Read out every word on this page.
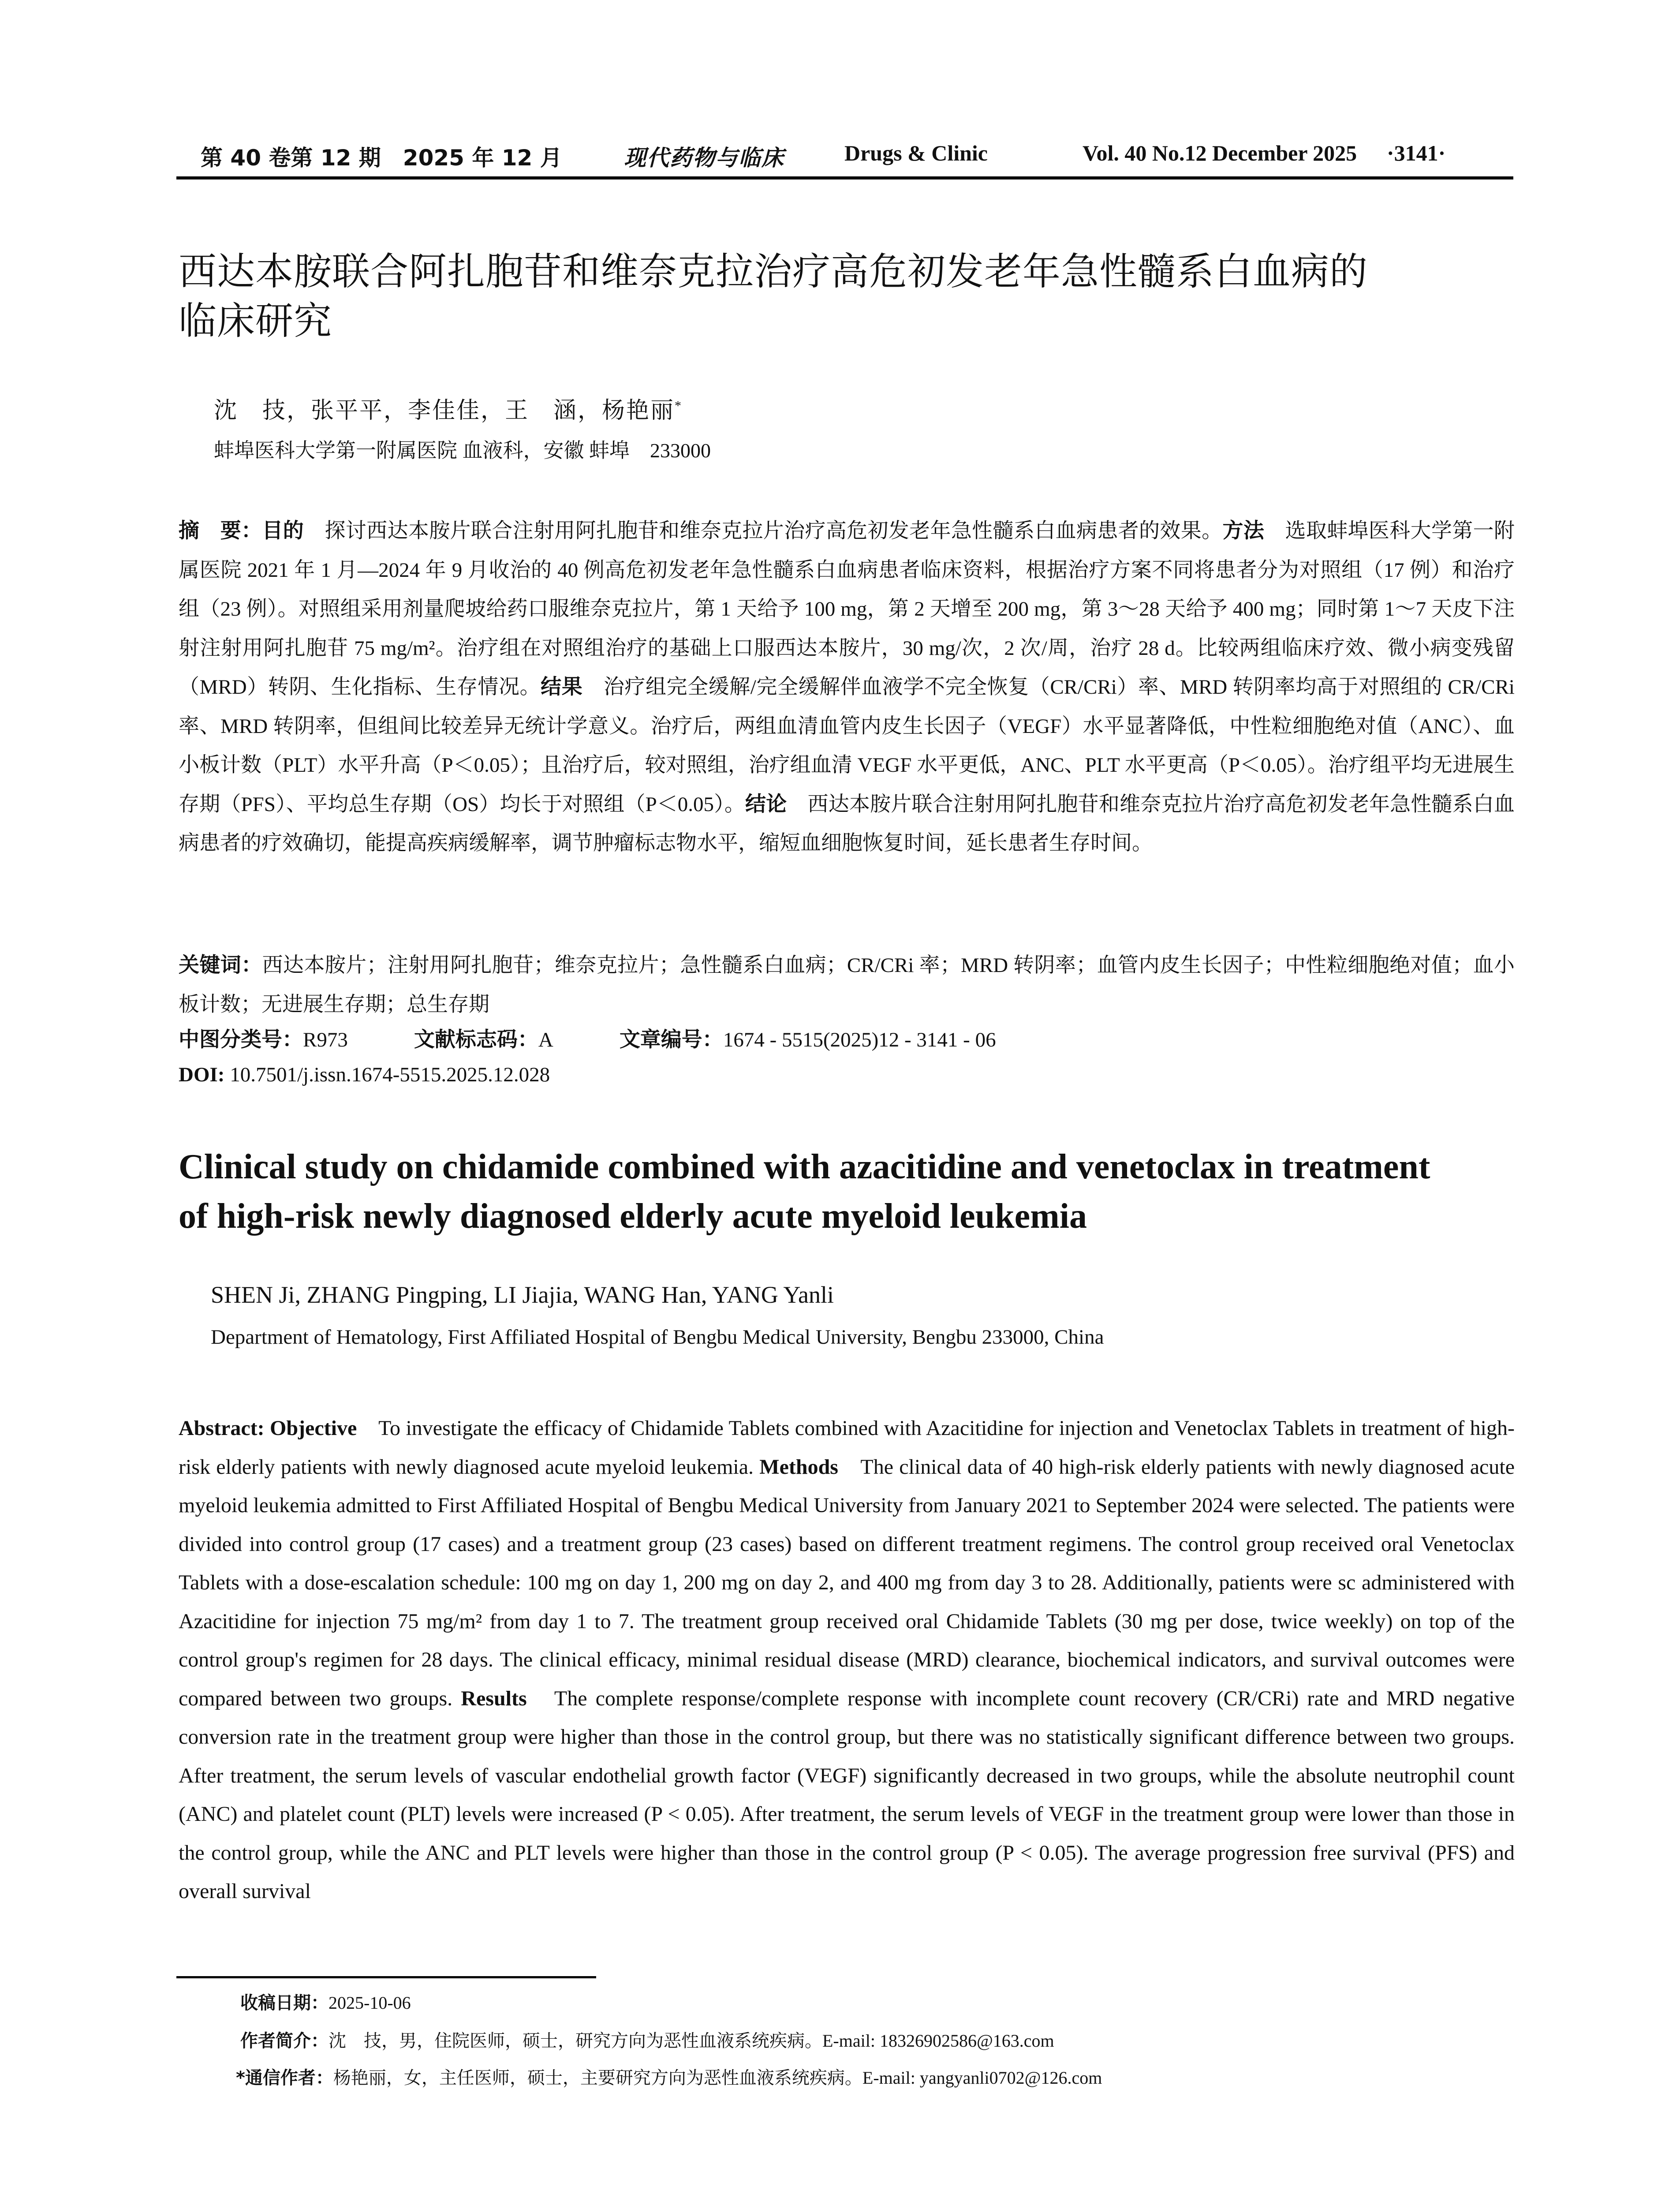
第 40 卷第 12 期　2025 年 12 月	现代药物与临床	Drugs & Clinic	Vol. 40 No.12 December 2025 ·3141·
西达本胺联合阿扎胞苷和维奈克拉治疗高危初发老年急性髓系白血病的
临床研究
沈　技，张平平，李佳佳，王　涵，杨艳丽*
蚌埠医科大学第一附属医院 血液科，安徽 蚌埠　233000
摘　要：目的　探讨西达本胺片联合注射用阿扎胞苷和维奈克拉片治疗高危初发老年急性髓系白血病患者的效果。方法　选取蚌埠医科大学第一附属医院 2021 年 1 月—2024 年 9 月收治的 40 例高危初发老年急性髓系白血病患者临床资料，根据治疗方案不同将患者分为对照组（17 例）和治疗组（23 例）。对照组采用剂量爬坡给药口服维奈克拉片，第 1 天给予 100 mg，第 2 天增至 200 mg，第 3～28 天给予 400 mg；同时第 1～7 天皮下注射注射用阿扎胞苷 75 mg/m²。治疗组在对照组治疗的基础上口服西达本胺片，30 mg/次，2 次/周，治疗 28 d。比较两组临床疗效、微小病变残留（MRD）转阴、生化指标、生存情况。结果　治疗组完全缓解/完全缓解伴血液学不完全恢复（CR/CRi）率、MRD 转阴率均高于对照组的 CR/CRi 率、MRD 转阴率，但组间比较差异无统计学意义。治疗后，两组血清血管内皮生长因子（VEGF）水平显著降低，中性粒细胞绝对值（ANC）、血小板计数（PLT）水平升高（P＜0.05）；且治疗后，较对照组，治疗组血清 VEGF 水平更低，ANC、PLT 水平更高（P＜0.05）。治疗组平均无进展生存期（PFS）、平均总生存期（OS）均长于对照组（P＜0.05）。结论　西达本胺片联合注射用阿扎胞苷和维奈克拉片治疗高危初发老年急性髓系白血病患者的疗效确切，能提高疾病缓解率，调节肿瘤标志物水平，缩短血细胞恢复时间，延长患者生存时间。
关键词：西达本胺片；注射用阿扎胞苷；维奈克拉片；急性髓系白血病；CR/CRi 率；MRD 转阴率；血管内皮生长因子；中性粒细胞绝对值；血小板计数；无进展生存期；总生存期
中图分类号：R973	文献标志码：A	文章编号：1674 - 5515(2025)12 - 3141 - 06
DOI: 10.7501/j.issn.1674-5515.2025.12.028
Clinical study on chidamide combined with azacitidine and venetoclax in treatment
of high-risk newly diagnosed elderly acute myeloid leukemia
SHEN Ji, ZHANG Pingping, LI Jiajia, WANG Han, YANG Yanli
Department of Hematology, First Affiliated Hospital of Bengbu Medical University, Bengbu 233000, China
Abstract: Objective　To investigate the efficacy of Chidamide Tablets combined with Azacitidine for injection and Venetoclax Tablets in treatment of high-risk elderly patients with newly diagnosed acute myeloid leukemia. Methods　The clinical data of 40 high-risk elderly patients with newly diagnosed acute myeloid leukemia admitted to First Affiliated Hospital of Bengbu Medical University from January 2021 to September 2024 were selected. The patients were divided into control group (17 cases) and a treatment group (23 cases) based on different treatment regimens. The control group received oral Venetoclax Tablets with a dose-escalation schedule: 100 mg on day 1, 200 mg on day 2, and 400 mg from day 3 to 28. Additionally, patients were sc administered with Azacitidine for injection 75 mg/m² from day 1 to 7. The treatment group received oral Chidamide Tablets (30 mg per dose, twice weekly) on top of the control group's regimen for 28 days. The clinical efficacy, minimal residual disease (MRD) clearance, biochemical indicators, and survival outcomes were compared between two groups. Results　The complete response/complete response with incomplete count recovery (CR/CRi) rate and MRD negative conversion rate in the treatment group were higher than those in the control group, but there was no statistically significant difference between two groups. After treatment, the serum levels of vascular endothelial growth factor (VEGF) significantly decreased in two groups, while the absolute neutrophil count (ANC) and platelet count (PLT) levels were increased (P < 0.05). After treatment, the serum levels of VEGF in the treatment group were lower than those in the control group, while the ANC and PLT levels were higher than those in the control group (P < 0.05). The average progression free survival (PFS) and overall survival
收稿日期：2025-10-06
作者简介：沈　技，男，住院医师，硕士，研究方向为恶性血液系统疾病。E-mail: 18326902586@163.com
*通信作者：杨艳丽，女，主任医师，硕士，主要研究方向为恶性血液系统疾病。E-mail: yangyanli0702@126.com
